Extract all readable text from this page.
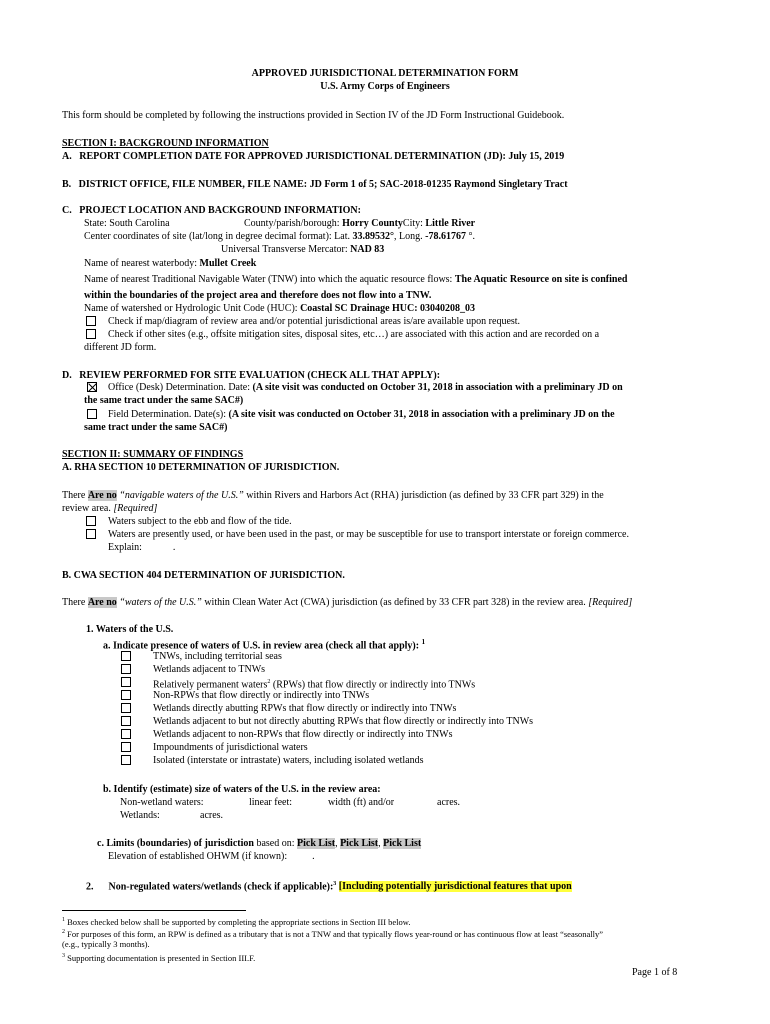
APPROVED JURISDICTIONAL DETERMINATION FORM
U.S. Army Corps of Engineers
This form should be completed by following the instructions provided in Section IV of the JD Form Instructional Guidebook.
SECTION I: BACKGROUND INFORMATION
A. REPORT COMPLETION DATE FOR APPROVED JURISDICTIONAL DETERMINATION (JD): July 15, 2019
B. DISTRICT OFFICE, FILE NUMBER, FILE NAME: JD Form 1 of 5; SAC-2018-01235 Raymond Singletary Tract
C. PROJECT LOCATION AND BACKGROUND INFORMATION:
State: South Carolina	County/parish/borough: Horry CountyCity: Little River
Center coordinates of site (lat/long in degree decimal format): Lat. 33.89532°, Long. -78.61767 °.
Universal Transverse Mercator: NAD 83
Name of nearest waterbody: Mullet Creek
Name of nearest Traditional Navigable Water (TNW) into which the aquatic resource flows: The Aquatic Resource on site is confined
within the boundaries of the project area and therefore does not flow into a TNW.
Name of watershed or Hydrologic Unit Code (HUC): Coastal SC Drainage HUC: 03040208_03
Check if map/diagram of review area and/or potential jurisdictional areas is/are available upon request.
Check if other sites (e.g., offsite mitigation sites, disposal sites, etc…) are associated with this action and are recorded on a
different JD form.
D. REVIEW PERFORMED FOR SITE EVALUATION (CHECK ALL THAT APPLY):
Office (Desk) Determination. Date: (A site visit was conducted on October 31, 2018 in association with a preliminary JD on
the same tract under the same SAC#)
Field Determination. Date(s): (A site visit was conducted on October 31, 2018 in association with a preliminary JD on the
same tract under the same SAC#)
SECTION II: SUMMARY OF FINDINGS
A. RHA SECTION 10 DETERMINATION OF JURISDICTION.
There Are no “navigable waters of the U.S.” within Rivers and Harbors Act (RHA) jurisdiction (as defined by 33 CFR part 329) in the
review area. [Required]
Waters subject to the ebb and flow of the tide.
Waters are presently used, or have been used in the past, or may be susceptible for use to transport interstate or foreign commerce.
Explain:	.
B. CWA SECTION 404 DETERMINATION OF JURISDICTION.
There Are no “waters of the U.S.” within Clean Water Act (CWA) jurisdiction (as defined by 33 CFR part 328) in the review area. [Required]
1. Waters of the U.S.
a. Indicate presence of waters of U.S. in review area (check all that apply): $^1$
TNWs, including territorial seas
Wetlands adjacent to TNWs
Relatively permanent waters$^2$ (RPWs) that flow directly or indirectly into TNWs
Non-RPWs that flow directly or indirectly into TNWs
Wetlands directly abutting RPWs that flow directly or indirectly into TNWs
Wetlands adjacent to but not directly abutting RPWs that flow directly or indirectly into TNWs
Wetlands adjacent to non-RPWs that flow directly or indirectly into TNWs
Impoundments of jurisdictional waters
Isolated (interstate or intrastate) waters, including isolated wetlands
b. Identify (estimate) size of waters of the U.S. in the review area:
Non-wetland waters:	linear feet:	width (ft) and/or	acres.
Wetlands:	acres.
c. Limits (boundaries) of jurisdiction based on: Pick List, Pick List, Pick List
Elevation of established OHWM (if known):	.
2. Non-regulated waters/wetlands (check if applicable):$^3$ [Including potentially jurisdictional features that upon
$^1$ Boxes checked below shall be supported by completing the appropriate sections in Section III below.
$^2$ For purposes of this form, an RPW is defined as a tributary that is not a TNW and that typically flows year-round or has continuous flow at least “seasonally”
(e.g., typically 3 months).
$^3$ Supporting documentation is presented in Section III.F.
Page 1 of 8
